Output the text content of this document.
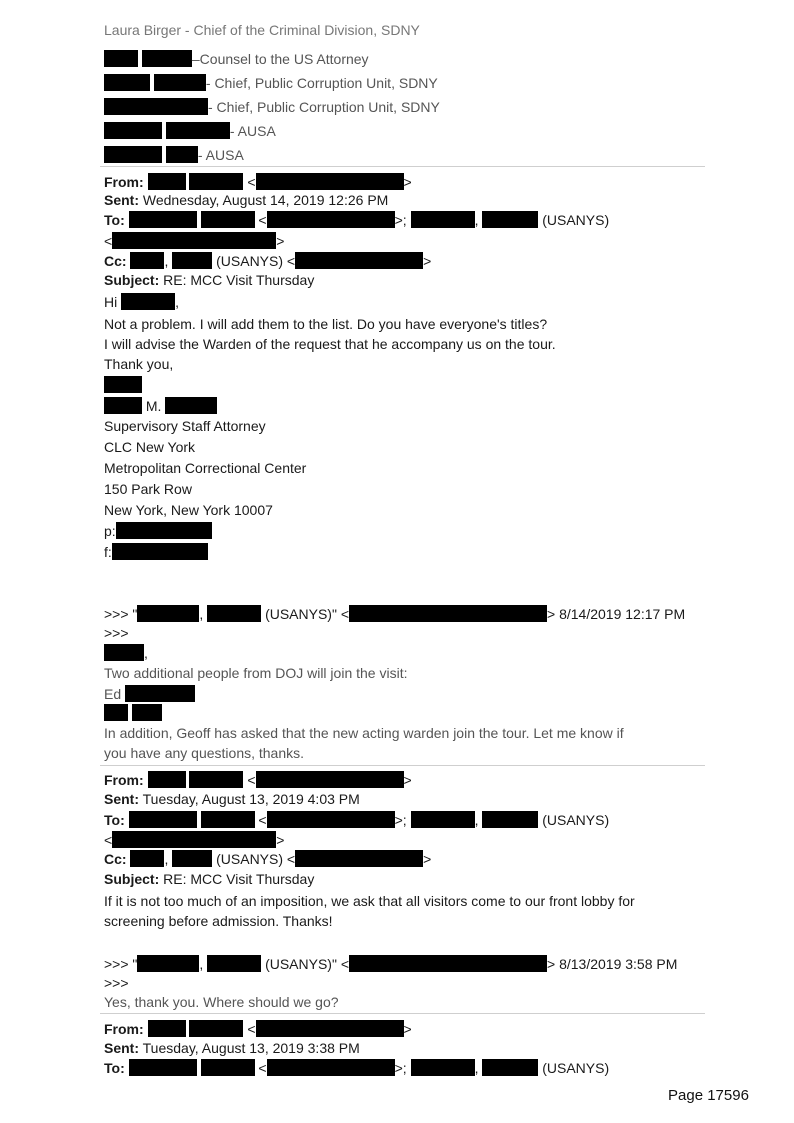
Laura Birger - Chief of the Criminal Division, SDNY
–Counsel to the US Attorney
- Chief, Public Corruption Unit, SDNY
- Chief, Public Corruption Unit, SDNY
- AUSA
- AUSA
From:	<	>
Sent: Wednesday, August 14, 2019 12:26 PM
To:	<	>;	,	(USANYS)
<	>
Cc:	,	(USANYS) <	>
Subject: RE: MCC Visit Thursday
Hi	,
Not a problem. I will add them to the list. Do you have everyone's titles?
I will advise the Warden of the request that he accompany us on the tour.
Thank you,
M.
Supervisory Staff Attorney
CLC New York
Metropolitan Correctional Center
150 Park Row
New York, New York 10007
p:
f:
>>> "	,	(USANYS)" <	> 8/14/2019 12:17 PM
>>>
,
Two additional people from DOJ will join the visit:
Ed

In addition, Geoff has asked that the new acting warden join the tour. Let me know if
you have any questions, thanks.
From:	<	>
Sent: Tuesday, August 13, 2019 4:03 PM
To:	<	>;	,	(USANYS)
<	>
Cc:	,	(USANYS) <	>
Subject: RE: MCC Visit Thursday
If it is not too much of an imposition, we ask that all visitors come to our front lobby for
screening before admission. Thanks!
>>> "	,	(USANYS)" <	> 8/13/2019 3:58 PM
>>>
Yes, thank you. Where should we go?
From:	<	>
Sent: Tuesday, August 13, 2019 3:38 PM
To:	<	>;	,	(USANYS)
Page 17596
